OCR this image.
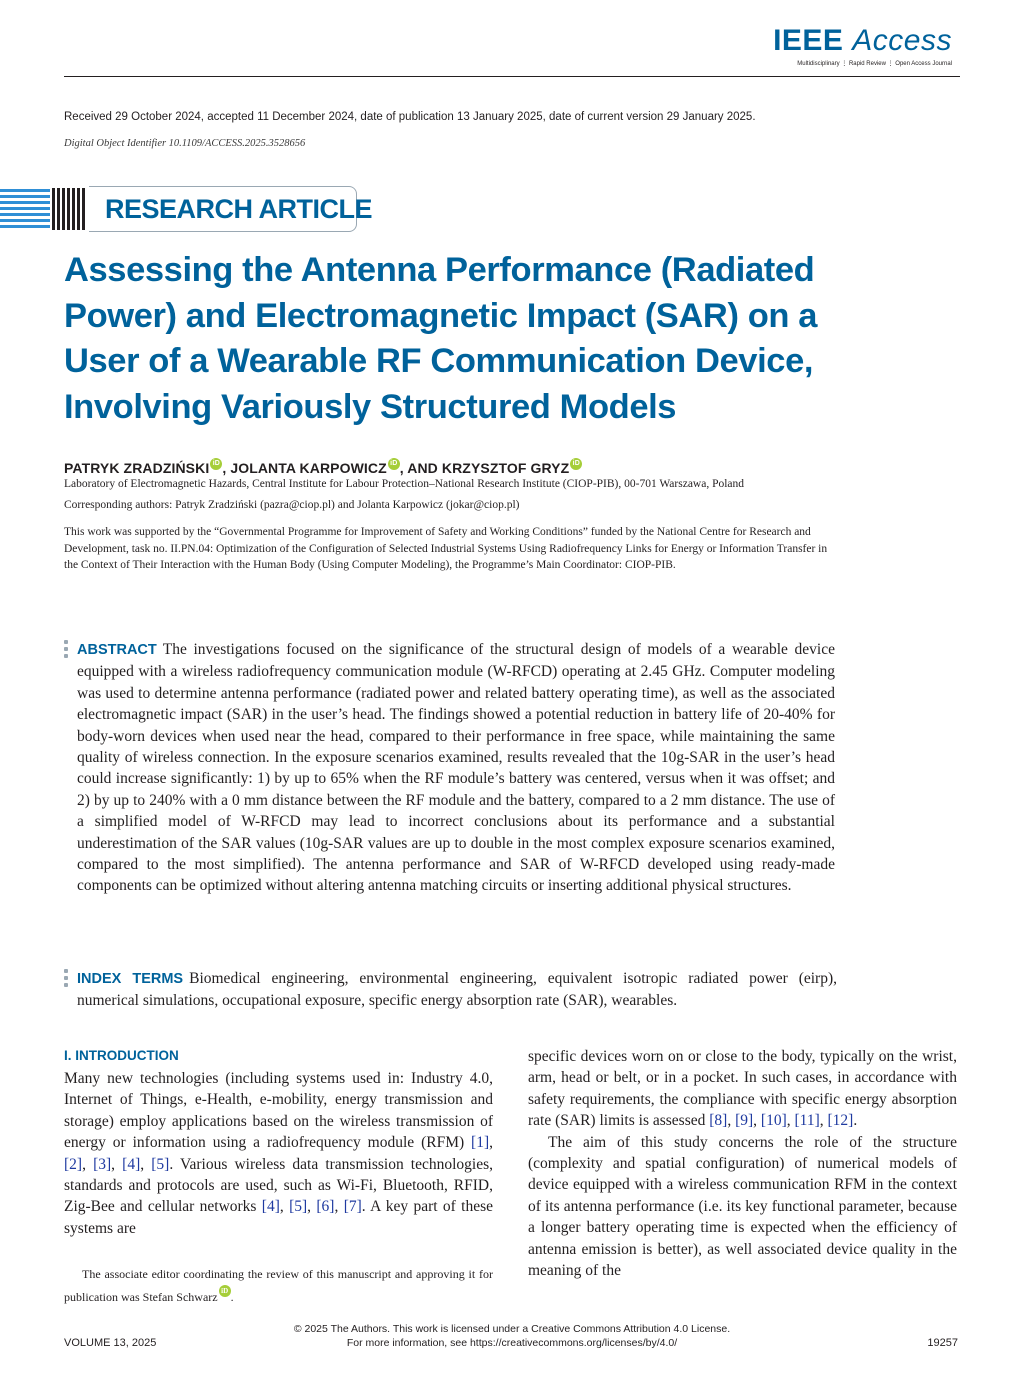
IEEE Access
Multidisciplinary ⋮ Rapid Review ⋮ Open Access Journal
Received 29 October 2024, accepted 11 December 2024, date of publication 13 January 2025, date of current version 29 January 2025.
Digital Object Identifier 10.1109/ACCESS.2025.3528656
RESEARCH ARTICLE
Assessing the Antenna Performance (Radiated Power) and Electromagnetic Impact (SAR) on a User of a Wearable RF Communication Device, Involving Variously Structured Models
PATRYK ZRADZIŃSKI iD , JOLANTA KARPOWICZ iD , AND KRZYSZTOF GRYZ iD
Laboratory of Electromagnetic Hazards, Central Institute for Labour Protection–National Research Institute (CIOP-PIB), 00-701 Warszawa, Poland
Corresponding authors: Patryk Zradziński (pazra@ciop.pl) and Jolanta Karpowicz (jokar@ciop.pl)
This work was supported by the “Governmental Programme for Improvement of Safety and Working Conditions” funded by the National Centre for Research and Development, task no. II.PN.04: Optimization of the Configuration of Selected Industrial Systems Using Radiofrequency Links for Energy or Information Transfer in the Context of Their Interaction with the Human Body (Using Computer Modeling), the Programme’s Main Coordinator: CIOP-PIB.
ABSTRACT The investigations focused on the significance of the structural design of models of a wearable device equipped with a wireless radiofrequency communication module (W-RFCD) operating at 2.45 GHz. Computer modeling was used to determine antenna performance (radiated power and related battery operating time), as well as the associated electromagnetic impact (SAR) in the user’s head. The findings showed a potential reduction in battery life of 20-40% for body-worn devices when used near the head, compared to their performance in free space, while maintaining the same quality of wireless connection. In the exposure scenarios examined, results revealed that the 10g-SAR in the user’s head could increase significantly: 1) by up to 65% when the RF module’s battery was centered, versus when it was offset; and 2) by up to 240% with a 0 mm distance between the RF module and the battery, compared to a 2 mm distance. The use of a simplified model of W-RFCD may lead to incorrect conclusions about its performance and a substantial underestimation of the SAR values (10g-SAR values are up to double in the most complex exposure scenarios examined, compared to the most simplified). The antenna performance and SAR of W-RFCD developed using ready-made components can be optimized without altering antenna matching circuits or inserting additional physical structures.
INDEX TERMS Biomedical engineering, environmental engineering, equivalent isotropic radiated power (eirp), numerical simulations, occupational exposure, specific energy absorption rate (SAR), wearables.
I. INTRODUCTION

Many new technologies (including systems used in: Industry 4.0, Internet of Things, e-Health, e-mobility, energy transmission and storage) employ applications based on the wireless transmission of energy or information using a radiofrequency module (RFM) [1], [2], [3], [4], [5]. Various wireless data transmission technologies, standards and protocols are used, such as Wi-Fi, Bluetooth, RFID, Zig-Bee and cellular networks [4], [5], [6], [7]. A key part of these systems are

The associate editor coordinating the review of this manuscript and approving it for publication was Stefan Schwarz iD .

specific devices worn on or close to the body, typically on the wrist, arm, head or belt, or in a pocket. In such cases, in accordance with safety requirements, the compliance with specific energy absorption rate (SAR) limits is assessed [8], [9], [10], [11], [12].

The aim of this study concerns the role of the structure (complexity and spatial configuration) of numerical models of device equipped with a wireless communication RFM in the context of its antenna performance (i.e. its key functional parameter, because a longer battery operating time is expected when the efficiency of antenna emission is better), as well associated device quality in the meaning of the

© 2025 The Authors. This work is licensed under a Creative Commons Attribution 4.0 License.
For more information, see https://creativecommons.org/licenses/by/4.0/
VOLUME 13, 2025	19257
